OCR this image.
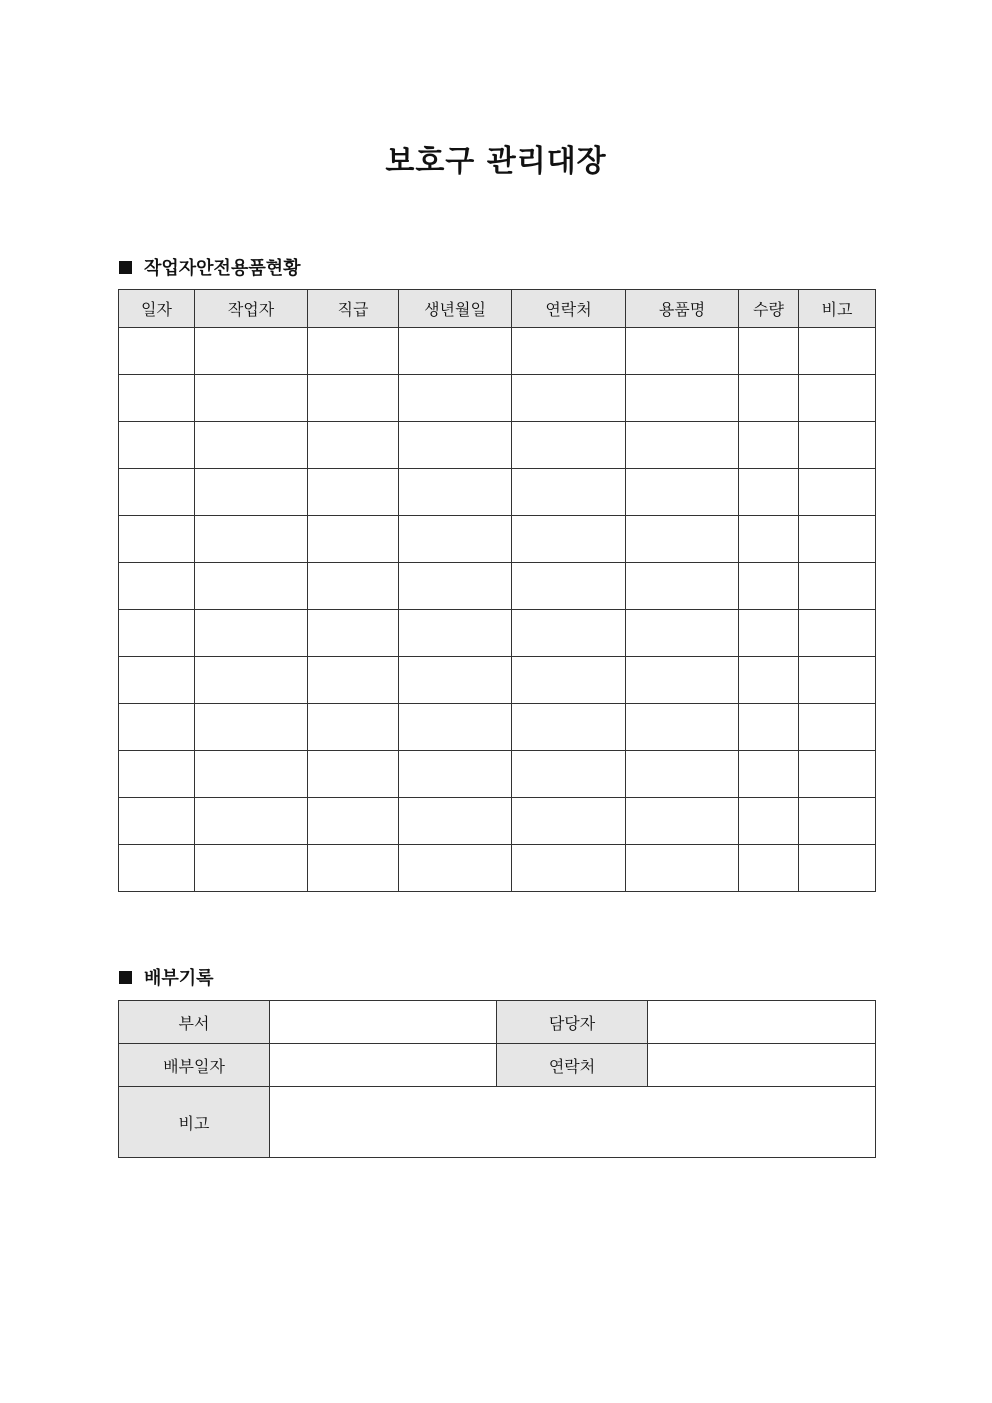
보호구 관리대장
작업자안전용품현황
일자	작업자	직급	생년월일	연락처	용품명	수량	비고

배부기록
부서		담당자	
배부일자		연락처	
비고			
